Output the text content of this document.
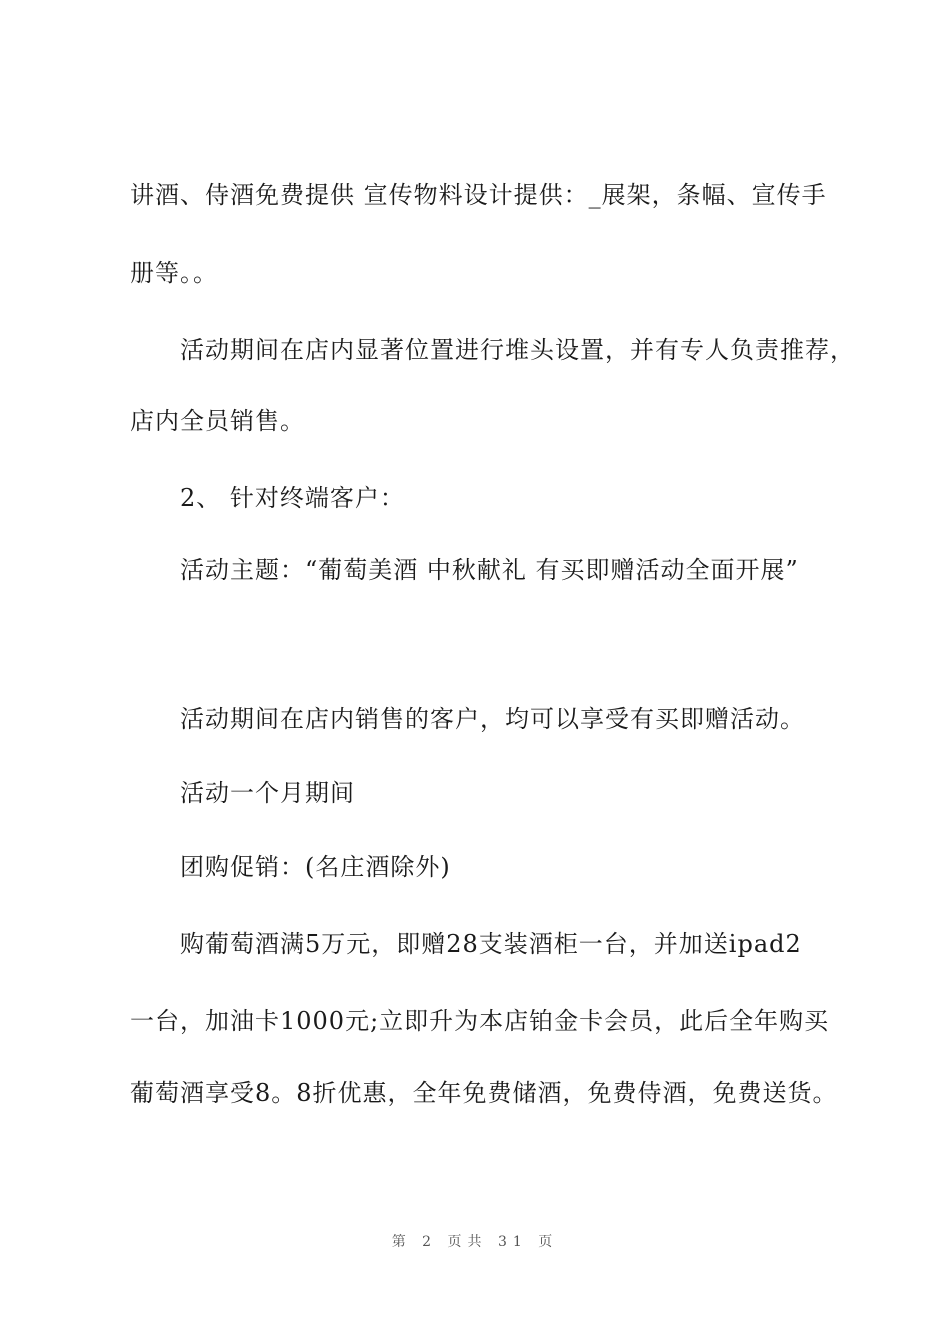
讲酒、侍酒免费提供 宣传物料设计提供：_展架，条幅、宣传手
册等。。
活动期间在店内显著位置进行堆头设置，并有专人负责推荐，
店内全员销售。
2、 针对终端客户：
活动主题：“葡萄美酒 中秋献礼 有买即赠活动全面开展”
活动期间在店内销售的客户，均可以享受有买即赠活动。
活动一个月期间
团购促销：(名庄酒除外)
购葡萄酒满5万元，即赠28支装酒柜一台，并加送ipad2
一台，加油卡1000元;立即升为本店铂金卡会员，此后全年购买
葡萄酒享受8。8折优惠，全年免费储酒，免费侍酒，免费送货。
第 2 页共 31 页
